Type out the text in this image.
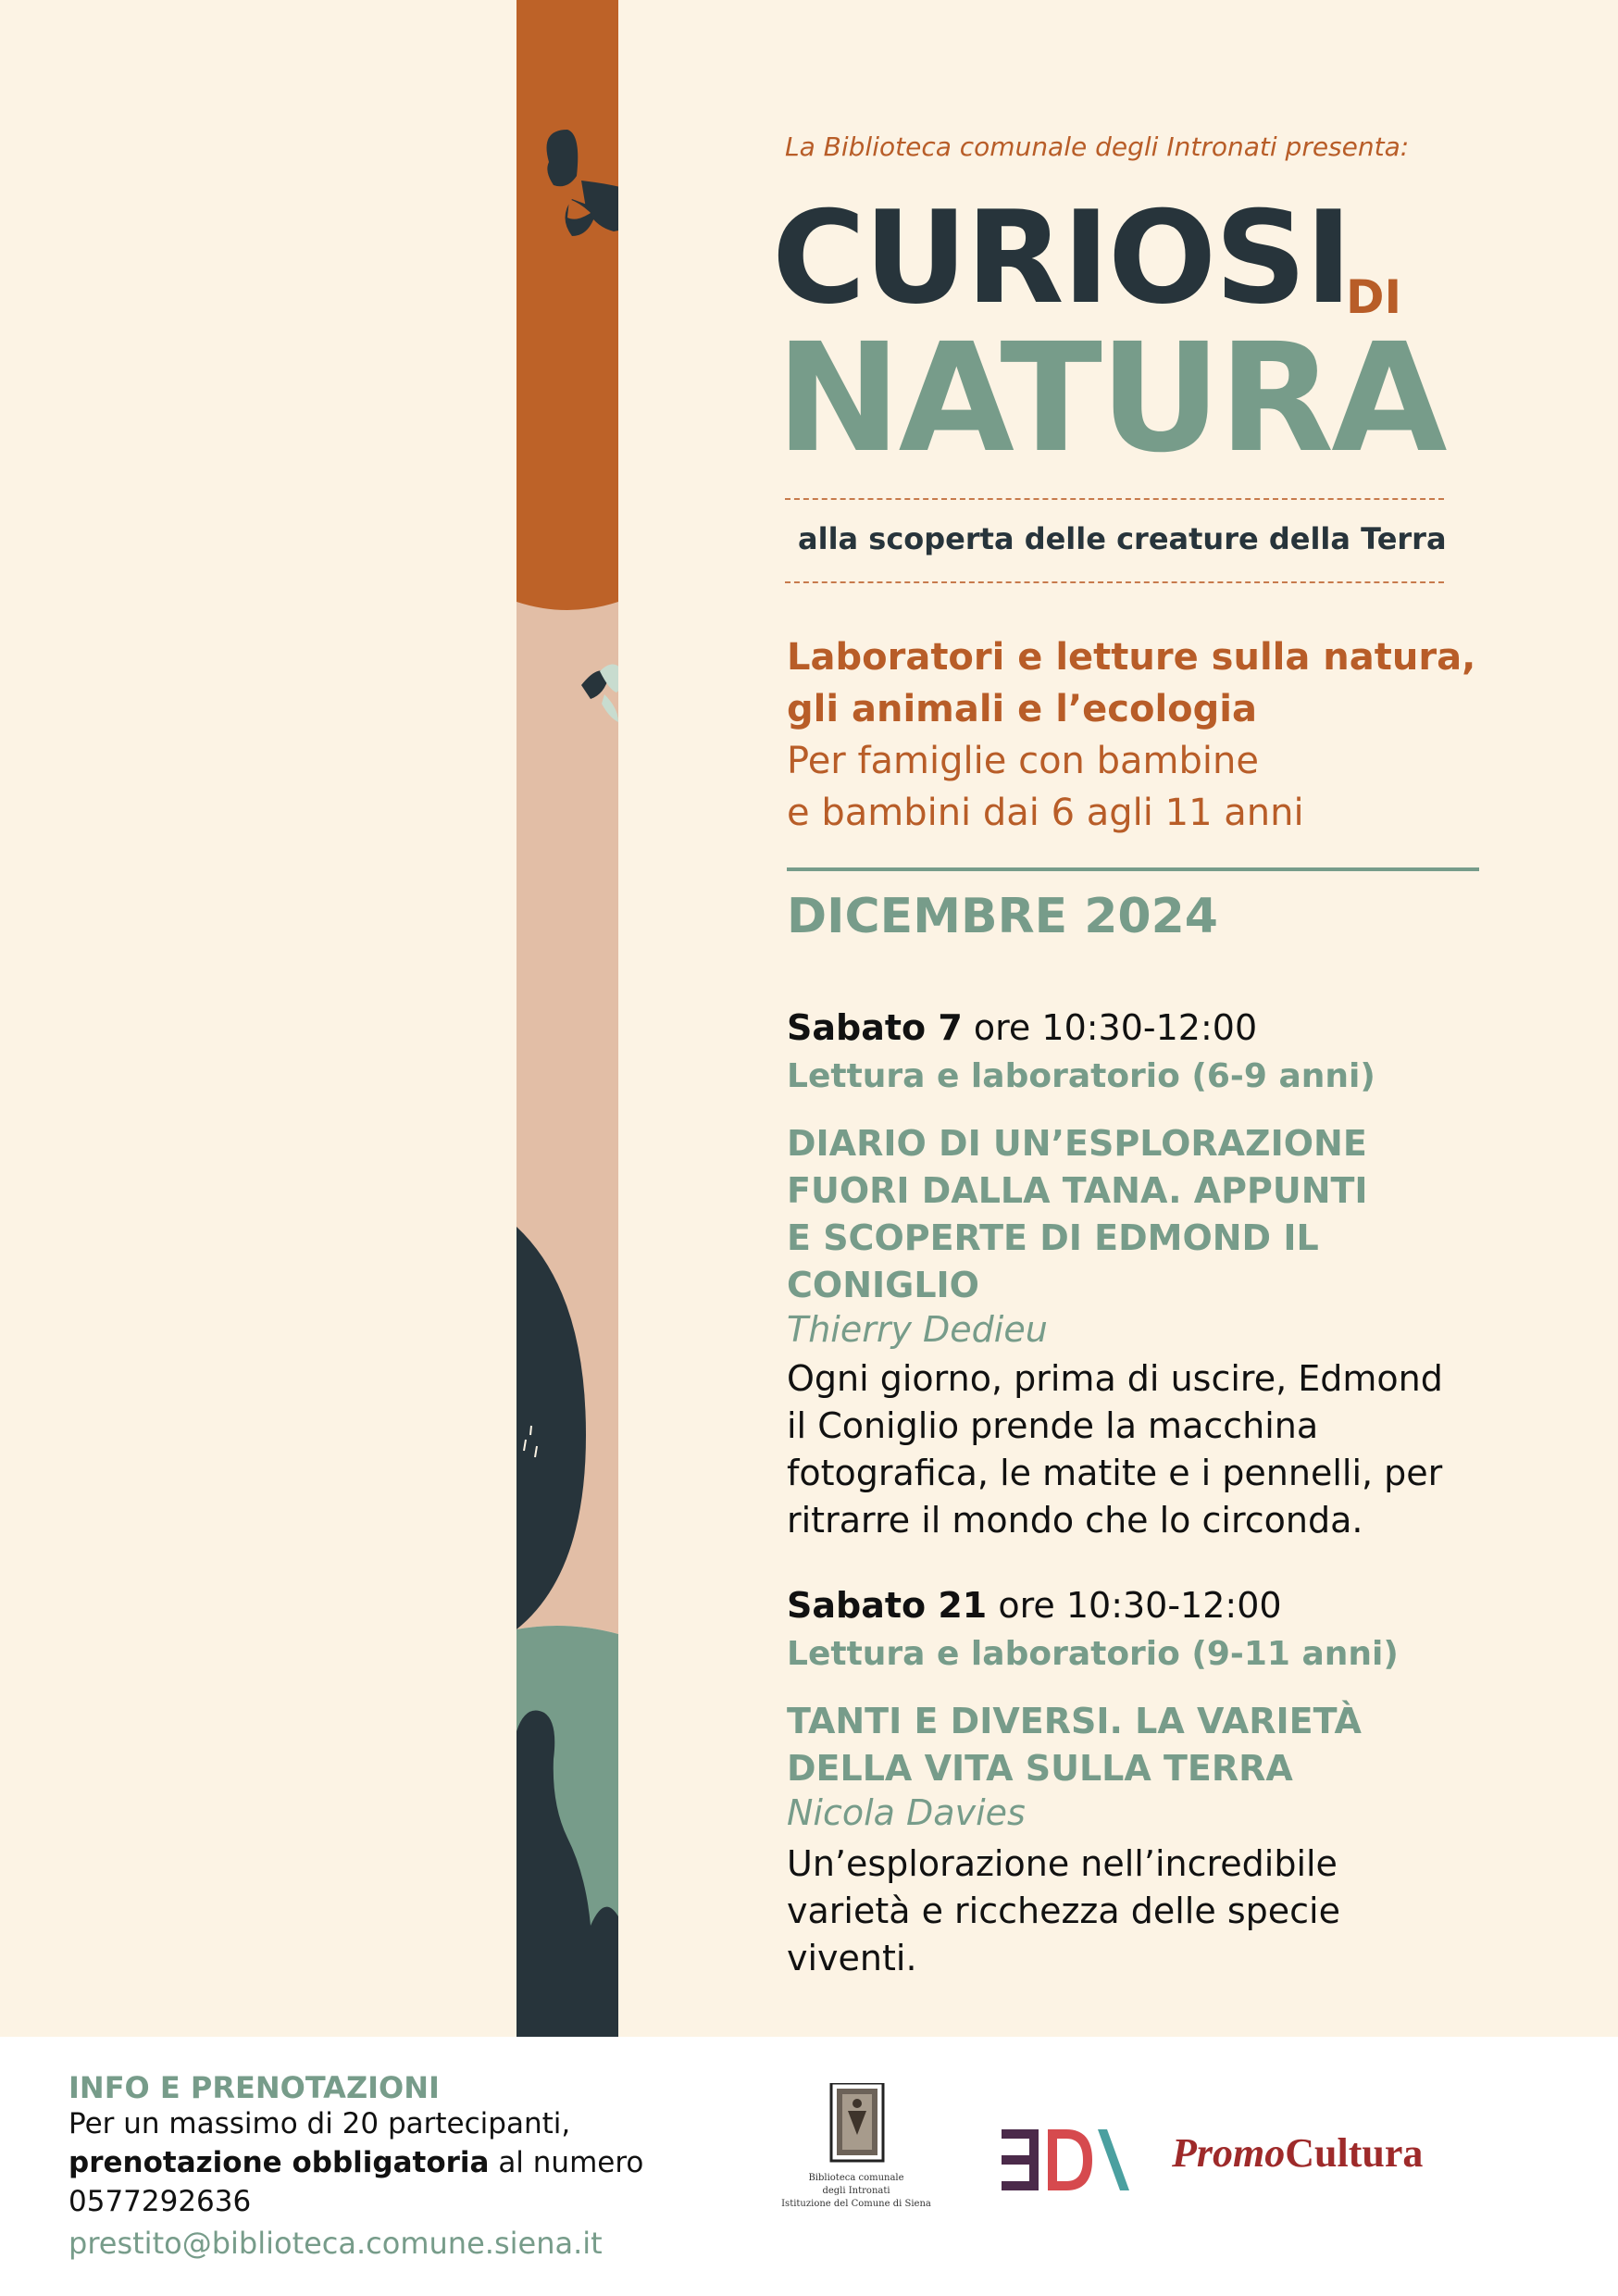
La Biblioteca comunale degli Intronati presenta:
CURIOSI
DI
NATURA
alla scoperta delle creature della Terra
Laboratori e letture sulla natura,
gli animali e l’ecologia
Per famiglie con bambine
e bambini dai 6 agli 11 anni
DICEMBRE 2024
Sabato 7 ore 10:30-12:00
Lettura e laboratorio (6-9 anni)
DIARIO DI UN’ESPLORAZIONE
FUORI DALLA TANA. APPUNTI
E SCOPERTE DI EDMOND IL
CONIGLIO
Thierry Dedieu
Ogni giorno, prima di uscire, Edmond
il Coniglio prende la macchina
fotografica, le matite e i pennelli, per
ritrarre il mondo che lo circonda.
Sabato 21 ore 10:30-12:00
Lettura e laboratorio (9-11 anni)
TANTI E DIVERSI. LA VARIETÀ
DELLA VITA SULLA TERRA
Nicola Davies
Un’esplorazione nell’incredibile
varietà e ricchezza delle specie
viventi.
INFO E PRENOTAZIONI
Per un massimo di 20 partecipanti,
prenotazione obbligatoria al numero
0577292636
prestito@biblioteca.comune.siena.it
Biblioteca comunale
degli Intronati
Istituzione del Comune di Siena
PromoCultura
